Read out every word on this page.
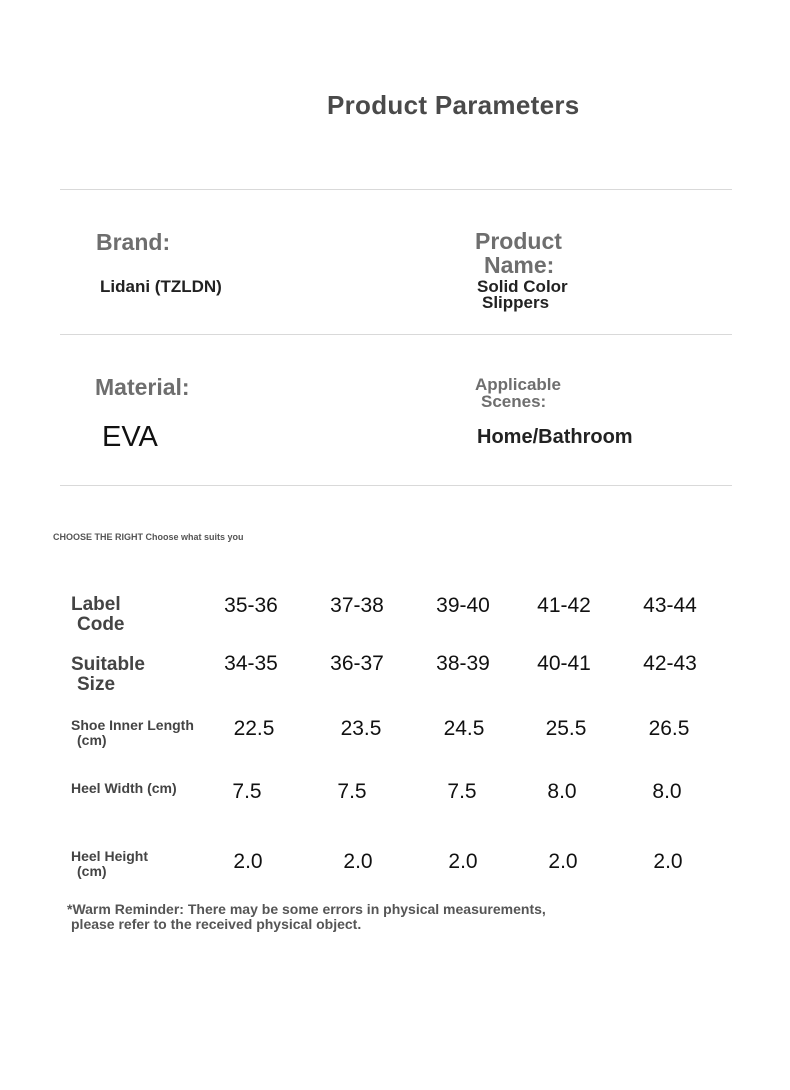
Product Parameters
Brand:
Lidani (TZLDN)
Product
Name:
Solid Color
Slippers
Material:
EVA
Applicable
Scenes:
Home/Bathroom
CHOOSE THE RIGHT Choose what suits you
Label
Code
35-36	37-38	39-40	41-42	43-44
Suitable
Size
34-35	36-37	38-39	40-41	42-43
Shoe Inner Length
(cm)	22.5	23.5	24.5	25.5	26.5
Heel Width (cm)	7.5	7.5	7.5	8.0	8.0
Heel Height
(cm)	2.0	2.0	2.0	2.0	2.0
*Warm Reminder: There may be some errors in physical measurements,
please refer to the received physical object.
